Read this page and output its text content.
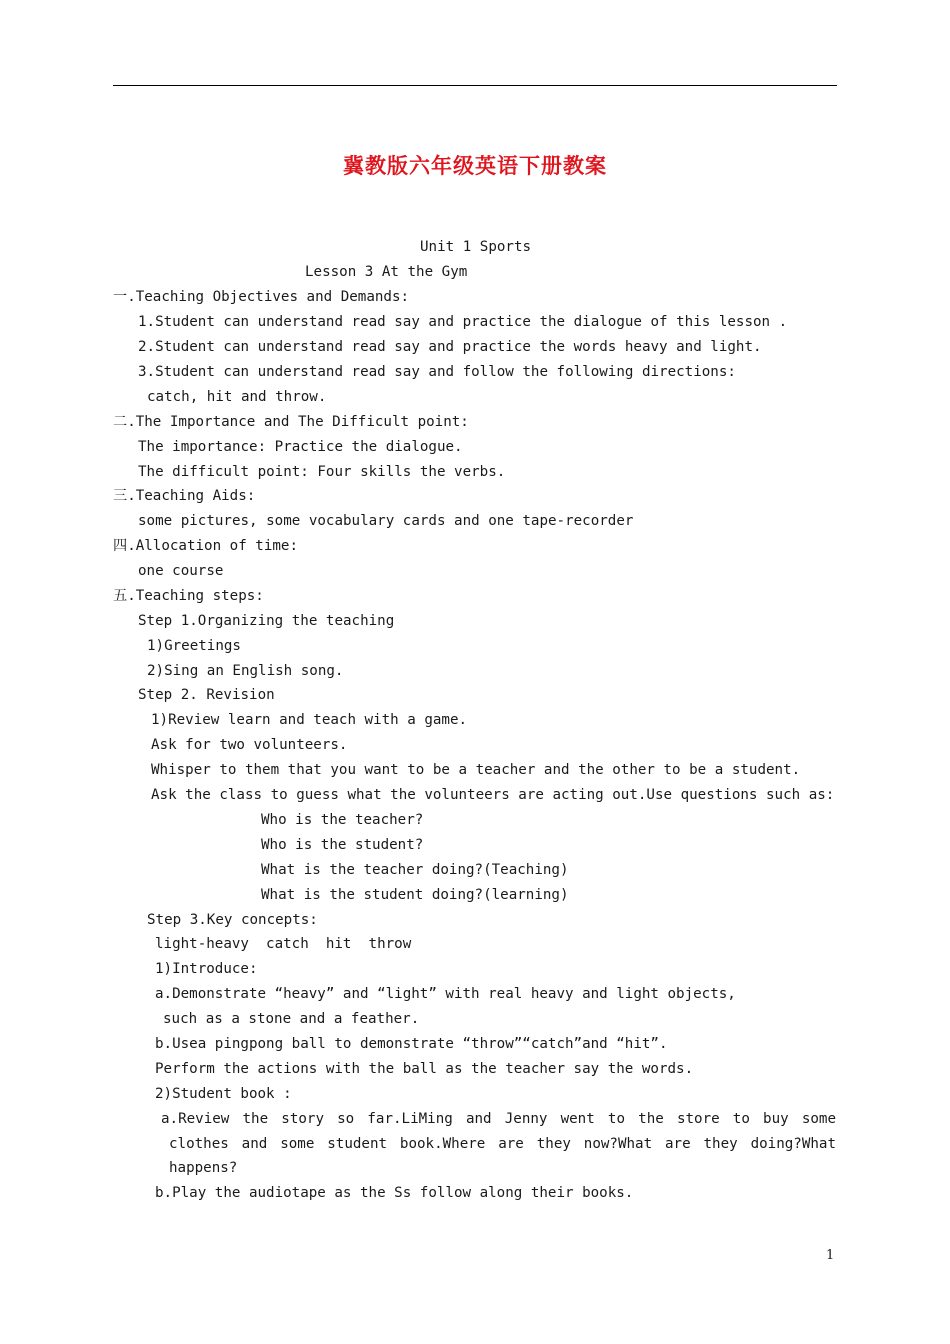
冀教版六年级英语下册教案
Unit 1 Sports
Lesson 3 At the Gym
一.Teaching Objectives and Demands:
1.Student can understand read say and practice the dialogue of this lesson .
2.Student can understand read say and practice the words heavy and light.
3.Student can understand read say and follow the following directions:
catch, hit and throw.
二.The Importance and The Difficult point:
The importance: Practice the dialogue.
The difficult point: Four skills the verbs.
三.Teaching Aids:
some pictures, some vocabulary cards and one tape-recorder
四.Allocation of time:
one course
五.Teaching steps:
Step 1.Organizing the teaching
1)Greetings
2)Sing an English song.
Step 2. Revision
1)Review learn and teach with a game.
Ask for two volunteers.
Whisper to them that you want to be a teacher and the other to be a student.
Ask the class to guess what the volunteers are acting out.Use questions such as:
Who is the teacher?
Who is the student?
What is the teacher doing?(Teaching)
What is the student doing?(learning)
Step 3.Key concepts:
light-heavy  catch  hit  throw
1)Introduce:
a.Demonstrate “heavy” and “light” with real heavy and light objects,
such as a stone and a feather.
b.Usea pingpong ball to demonstrate “throw”“catch”and “hit”.
Perform the actions with the ball as the teacher say the words.
2)Student book :
a.Review the story so far.LiMing and Jenny went to the store to buy some
clothes and some student book.Where are they now?What are they doing?What
happens?
b.Play the audiotape as the Ss follow along their books.
1
